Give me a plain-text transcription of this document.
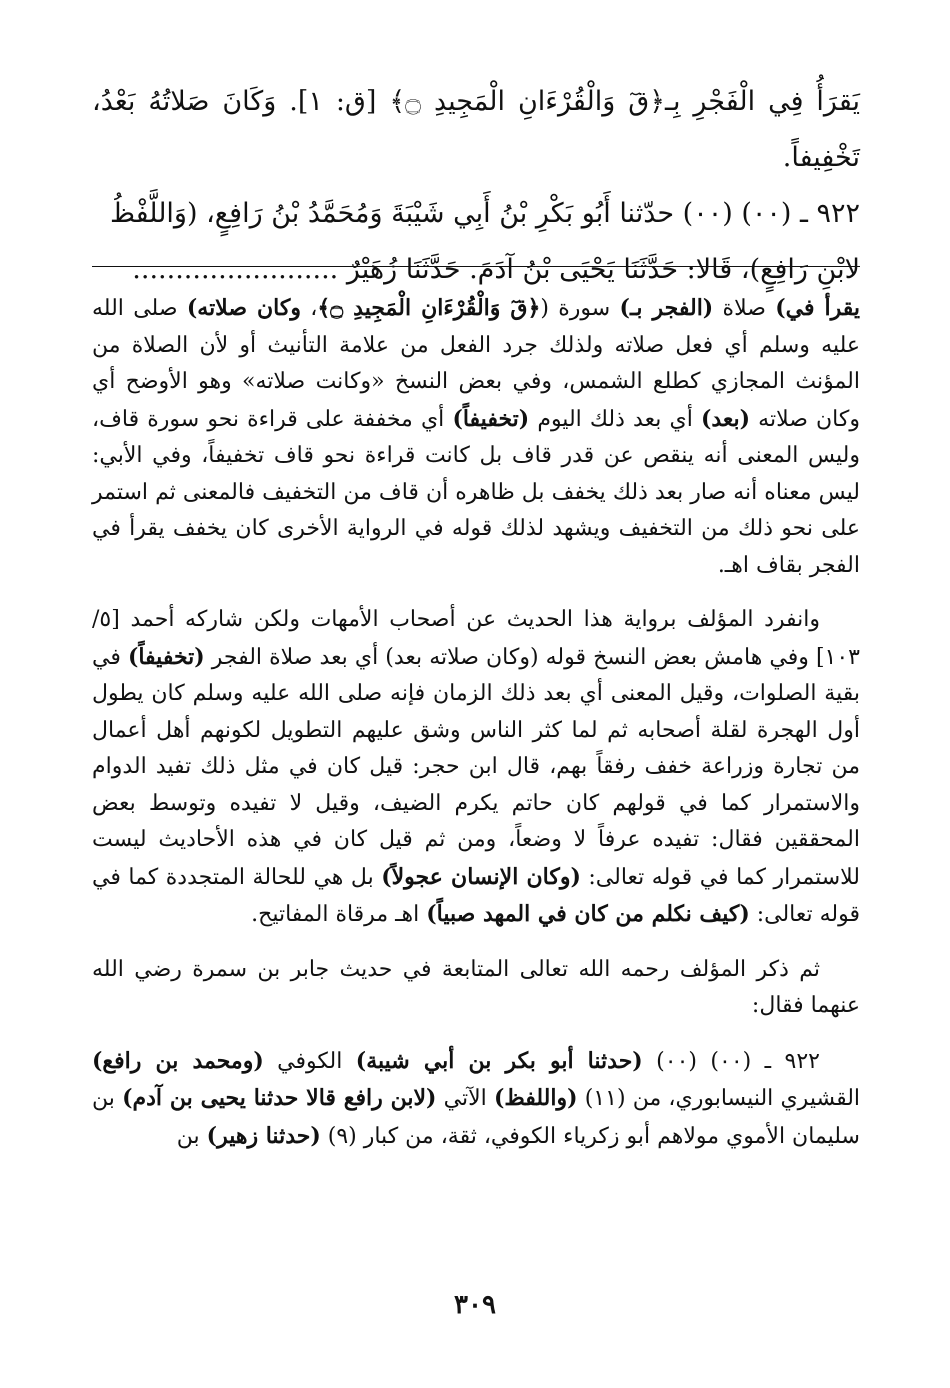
يَقرَأُ فِي الْفَجْرِ بِـ﴿قٓ وَالْقُرْءَانِ الْمَجِيدِ ۝﴾ [ق: ١]. وَكَانَ صَلاتُهُ بَعْدُ، تَخْفِيفاً.

٩٢٢ ـ (٠٠) (٠٠) حدّثنا أَبُو بَكْرِ بْنُ أَبِي شَيْبَةَ وَمُحَمَّدُ بْنُ رَافِعٍ، (وَاللَّفْظُ

لابْنِ رَافِعٍ)، قَالا: حَدَّثَنَا يَحْيَى بْنُ آدَمَ. حَدَّثَنَا زُهَيْرٌ ........................

يقرأ في) صلاة (الفجر بـ) سورة (﴿قٓ وَالْقُرْءَانِ الْمَجِيدِ ۝﴾، وكان صلاته) صلى الله عليه وسلم أي فعل صلاته ولذلك جرد الفعل من علامة التأنيث أو لأن الصلاة من المؤنث المجازي كطلع الشمس، وفي بعض النسخ «وكانت صلاته» وهو الأوضح أي وكان صلاته (بعد) أي بعد ذلك اليوم (تخفيفاً) أي مخففة على قراءة نحو سورة قاف، وليس المعنى أنه ينقص عن قدر قاف بل كانت قراءة نحو قاف تخفيفاً، وفي الأبي: ليس معناه أنه صار بعد ذلك يخفف بل ظاهره أن قاف من التخفيف فالمعنى ثم استمر على نحو ذلك من التخفيف ويشهد لذلك قوله في الرواية الأخرى كان يخفف يقرأ في الفجر بقاف اهـ.

وانفرد المؤلف برواية هذا الحديث عن أصحاب الأمهات ولكن شاركه أحمد [٥/ ١٠٣] وفي هامش بعض النسخ قوله (وكان صلاته بعد) أي بعد صلاة الفجر (تخفيفاً) في بقية الصلوات، وقيل المعنى أي بعد ذلك الزمان فإنه صلى الله عليه وسلم كان يطول أول الهجرة لقلة أصحابه ثم لما كثر الناس وشق عليهم التطويل لكونهم أهل أعمال من تجارة وزراعة خفف رفقاً بهم، قال ابن حجر: قيل كان في مثل ذلك تفيد الدوام والاستمرار كما في قولهم كان حاتم يكرم الضيف، وقيل لا تفيده وتوسط بعض المحققين فقال: تفيده عرفاً لا وضعاً، ومن ثم قيل كان في هذه الأحاديث ليست للاستمرار كما في قوله تعالى: (وكان الإنسان عجولاً) بل هي للحالة المتجددة كما في قوله تعالى: (كيف نكلم من كان في المهد صبياً) اهـ مرقاة المفاتيح.

ثم ذكر المؤلف رحمه الله تعالى المتابعة في حديث جابر بن سمرة رضي الله عنهما فقال:

٩٢٢ ـ (٠٠) (٠٠) (حدثنا أبو بكر بن أبي شيبة) الكوفي (ومحمد بن رافع) القشيري النيسابوري، من (١١) (واللفظ) الآتي (لابن رافع قالا حدثنا يحيى بن آدم) بن سليمان الأموي مولاهم أبو زكرياء الكوفي، ثقة، من كبار (٩) (حدثنا زهير) بن

٣٠٩
